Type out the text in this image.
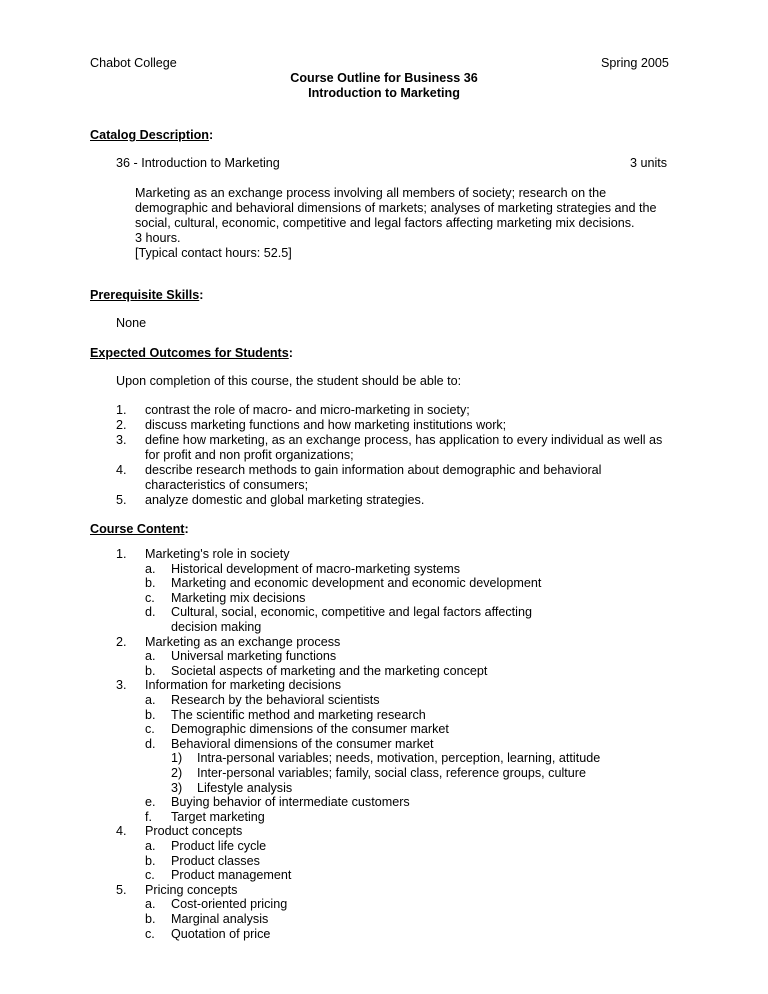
Chabot College	Spring 2005
Course Outline for Business 36
Introduction to Marketing
Catalog Description:
36 - Introduction to Marketing	3 units
Marketing as an exchange process involving all members of society; research on the demographic and behavioral dimensions of markets; analyses of marketing strategies and the social, cultural, economic, competitive and legal factors affecting marketing mix decisions.
3 hours.
[Typical contact hours: 52.5]
Prerequisite Skills:
None
Expected Outcomes for Students:
Upon completion of this course, the student should be able to:
1. contrast the role of macro- and micro-marketing in society;
2. discuss marketing functions and how marketing institutions work;
3. define how marketing, as an exchange process, has application to every individual as well as for profit and non profit organizations;
4. describe research methods to gain information about demographic and behavioral characteristics of consumers;
5. analyze domestic and global marketing strategies.
Course Content:
1. Marketing's role in society
a. Historical development of macro-marketing systems
b. Marketing and economic development and economic development
c. Marketing mix decisions
d. Cultural, social, economic, competitive and legal factors affecting
decision making
2. Marketing as an exchange process
a. Universal marketing functions
b. Societal aspects of marketing and the marketing concept
3. Information for marketing decisions
a. Research by the behavioral scientists
b. The scientific method and marketing research
c. Demographic dimensions of the consumer market
d. Behavioral dimensions of the consumer market
1) Intra-personal variables; needs, motivation, perception, learning, attitude
2) Inter-personal variables; family, social class, reference groups, culture
3) Lifestyle analysis
e. Buying behavior of intermediate customers
f. Target marketing
4. Product concepts
a. Product life cycle
b. Product classes
c. Product management
5. Pricing concepts
a. Cost-oriented pricing
b. Marginal analysis
c. Quotation of price
